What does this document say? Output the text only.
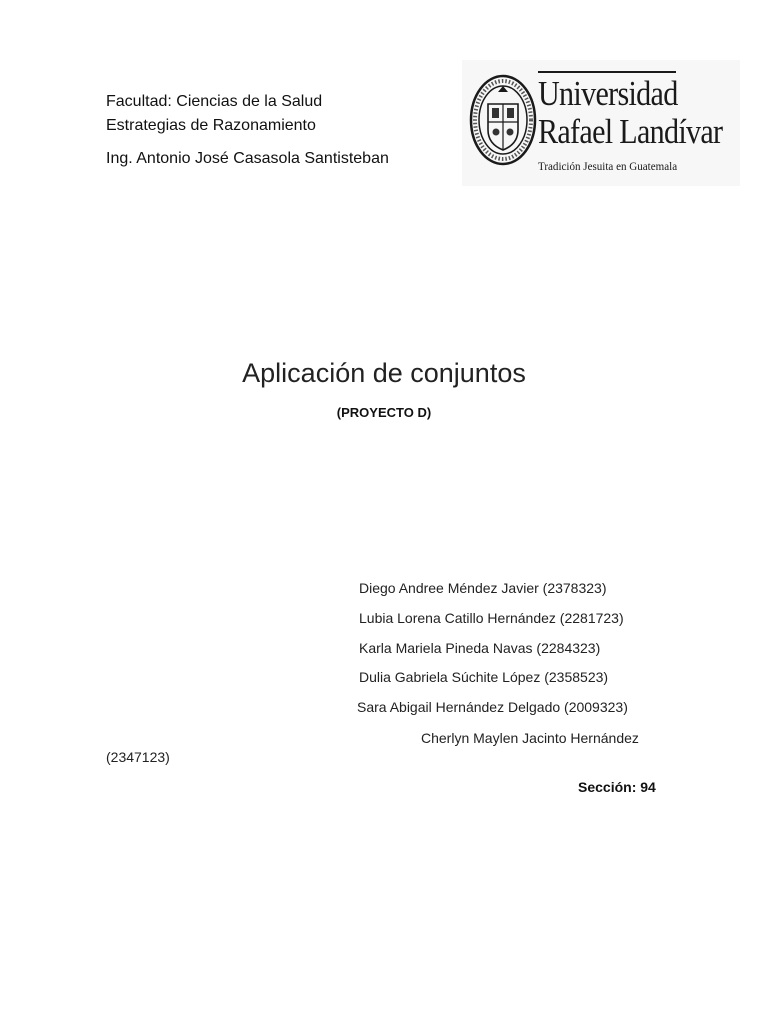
Facultad: Ciencias de la Salud
Estrategias de Razonamiento
Ing. Antonio José Casasola Santisteban
Universidad
Rafael Landívar
Tradición Jesuita en Guatemala
Aplicación de conjuntos
(PROYECTO D)
Diego Andree Méndez Javier (2378323)
Lubia Lorena Catillo Hernández (2281723)
Karla Mariela Pineda Navas (2284323)
Dulia Gabriela Súchite López (2358523)
Sara Abigail Hernández Delgado (2009323)
Cherlyn Maylen Jacinto Hernández
(2347123)
Sección: 94
